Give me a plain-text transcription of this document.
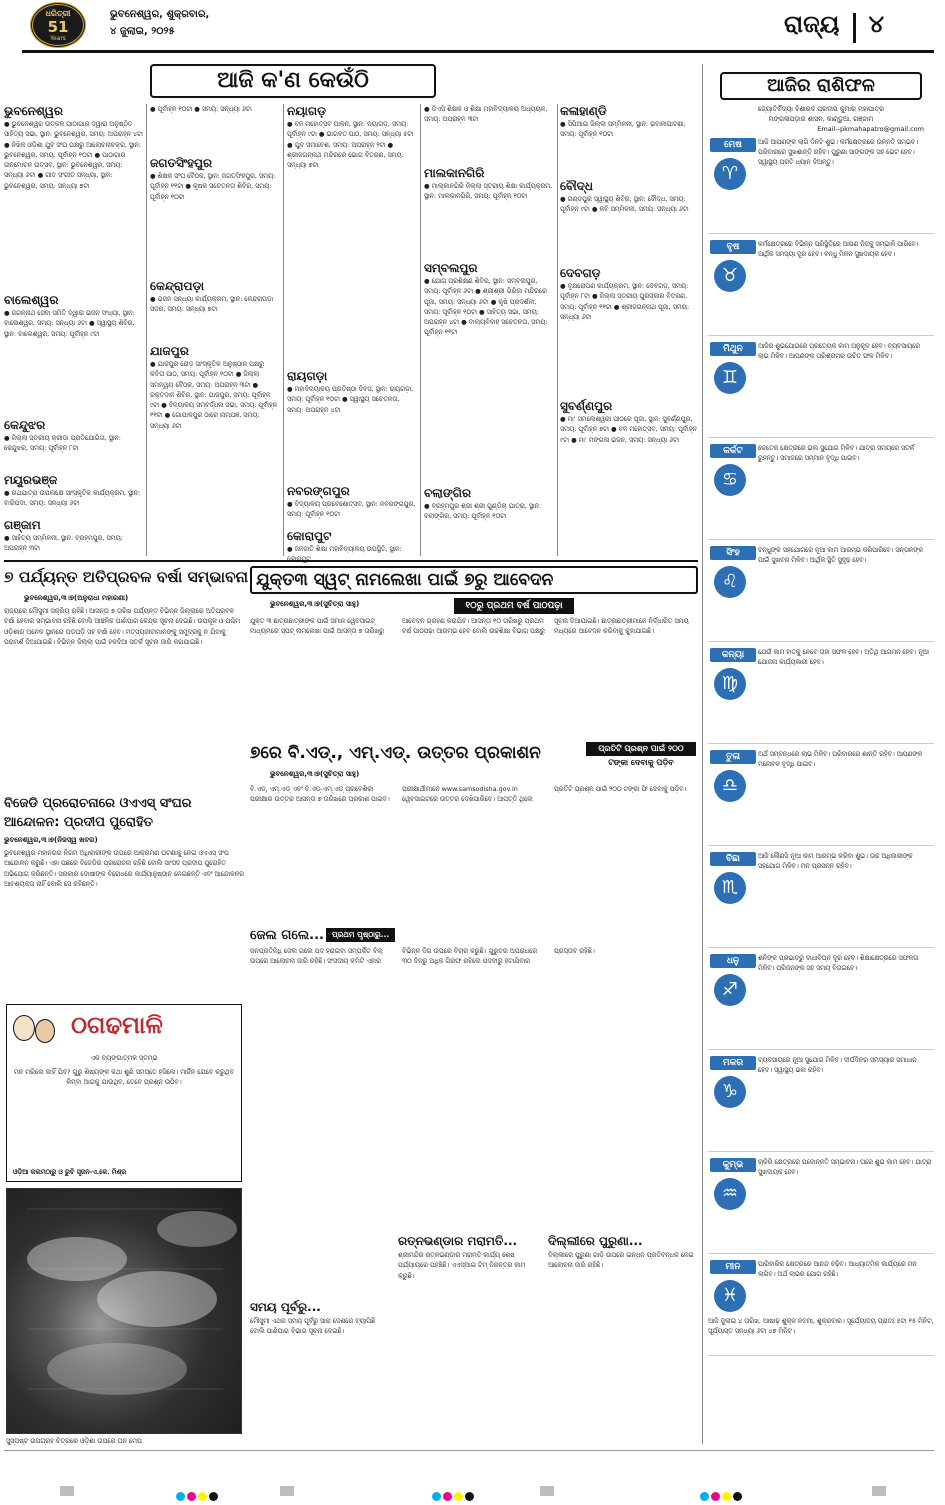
ଧରିତ୍ରୀ
51
Years
ଭୁବନେଶ୍ୱର, ଶୁକ୍ରବାର,
୪ ଜୁଲାଇ, ୨୦୨୫	ରାଜ୍ୟ ୪
ଆଜି କ'ଣ କେଉଁଠି
ଭୁବନେଶ୍ୱର
● ଭୁବନେଶ୍ୱର ଉତ୍କଳ ପାଠାଗାର ଦ୍ୱାରା ଅନୁଷ୍ଠିତ ସାହିତ୍ୟ ସଭା, ସ୍ଥାନ: ଭୁବନେଶ୍ୱର, ସମୟ: ଅପରାହ୍ନ ୪ଟା ● ନିଖିଳ ଓଡ଼ିଶା ଯୁବ ସଂଘ ପକ୍ଷରୁ ଆଲୋଚନାଚକ୍ର, ସ୍ଥାନ: ଭୁବନେଶ୍ୱର, ସମୟ: ପୂର୍ବାହ୍ନ ୧୦ଟା ● ପାଠାଗାର ଉନ୍ମୋଚନ ଉତ୍ସବ, ସ୍ଥାନ: ଭୁବନେଶ୍ୱର, ସମୟ: ସନ୍ଧ୍ୟା ୬ଟା ● ଗୀତ ସଂଗୀତ ସନ୍ଧ୍ୟା, ସ୍ଥାନ: ଭୁବନେଶ୍ୱର, ସମୟ: ସନ୍ଧ୍ୟା ୭ଟା
ବାଲେଶ୍ୱର
● ଜଗନ୍ନାଥ ସେବା ସମିତି ଦ୍ୱାରା ଭଜନ ସଂଧ୍ୟା, ସ୍ଥାନ: ବାଲେଶ୍ୱର, ସମୟ: ସନ୍ଧ୍ୟା ୬ଟା ● ସ୍ୱାସ୍ଥ୍ୟ ଶିବିର, ସ୍ଥାନ: ବାଲେଶ୍ୱର, ସମୟ: ପୂର୍ବାହ୍ନ ୯ଟା
କେନ୍ଦୁଝର
● ଜିଲ୍ଲା ସ୍ତରୀୟ କ୍ରୀଡ଼ା ପ୍ରତିଯୋଗିତା, ସ୍ଥାନ: କେନ୍ଦୁଝର, ସମୟ: ପୂର୍ବାହ୍ନ ୮ଟା
ମୟୂରଭଞ୍ଜ
● ରଥଯାତ୍ରା ଉପଲକ୍ଷେ ସାଂସ୍କୃତିକ କାର୍ଯ୍ୟକ୍ରମ, ସ୍ଥାନ: ବାରିପଦା, ସମୟ: ସନ୍ଧ୍ୟା ୬ଟା
ଗଞ୍ଜାମ
● ସାହିତ୍ୟ ସମ୍ମିଳନୀ, ସ୍ଥାନ: ବ୍ରହ୍ମପୁର, ସମୟ: ଅପରାହ୍ନ ୩ଟା
● ପୂର୍ବାହ୍ନ ୧୦ଟା ● ସମୟ: ସନ୍ଧ୍ୟା ୬ଟା
ଜଗତସିଂହପୁର
● ଶିକ୍ଷକ ସଂଘ ବୈଠକ, ସ୍ଥାନ: ଜଗତସିଂହପୁର, ସମୟ: ପୂର୍ବାହ୍ନ ୧୧ଟା ● କୃଷକ ସଚେତନତା ଶିବିର, ସମୟ: ପୂର୍ବାହ୍ନ ୧୦ଟା
କେନ୍ଦ୍ରାପଡ଼ା
● ଭଜନ ସନ୍ଧ୍ୟା କାର୍ଯ୍ୟକ୍ରମ, ସ୍ଥାନ: କେନ୍ଦ୍ରାପଡ଼ା ସଦର, ସମୟ: ସନ୍ଧ୍ୟା ୭ଟା
ଯାଜପୁର
● ଯାଜପୁର ରୋଡ଼ ସାଂସ୍କୃତିକ ଅନୁଷ୍ଠାନ ପକ୍ଷରୁ କବିତା ପାଠ, ସମୟ: ପୂର୍ବାହ୍ନ ୧୦ଟା ● ଜିଲ୍ଲା ସମନ୍ୱୟ ବୈଠକ, ସମୟ: ଅପରାହ୍ନ ୩ଟା ● ରକ୍ତଦାନ ଶିବିର, ସ୍ଥାନ: ଯାଜପୁର, ସମୟ: ପୂର୍ବାହ୍ନ ୯ଟା ● ବିଦ୍ୟାଳୟ ସମ୍ବର୍ଦ୍ଧନା ସଭା, ସମୟ: ପୂର୍ବାହ୍ନ ୧୧ଟା ● ଗୋପାଳପୁର ଠାରେ ନାମଯଜ୍ଞ, ସମୟ: ସନ୍ଧ୍ୟା ୬ଟା
ନୟାଗଡ଼
● ବନ ମହୋତ୍ସବ ପାଳନ, ସ୍ଥାନ: ନୟାଗଡ଼, ସମୟ: ପୂର୍ବାହ୍ନ ୯ଟା ● ଭାଗବତ ପାଠ, ସମୟ: ସନ୍ଧ୍ୟା ୫ଟା ● ଯୁବ ସମାବେଶ, ସମୟ: ଅପରାହ୍ନ ୨ଟା ● ଶ୍ରୀଜଗନ୍ନାଥ ମନ୍ଦିରରେ ଭୋଗ ବିତରଣ, ସମୟ: ସନ୍ଧ୍ୟା ୭ଟା
ରାୟଗଡ଼ା
● ମହାବିଦ୍ୟାଳୟ ପ୍ରତିଷ୍ଠା ଦିବସ, ସ୍ଥାନ: ରାୟଗଡ଼ା, ସମୟ: ପୂର୍ବାହ୍ନ ୧୦ଟା ● ସ୍ୱାସ୍ଥ୍ୟ ସଚେତନତା, ସମୟ: ଅପରାହ୍ନ ୪ଟା
ନବରଙ୍ଗପୁର
● ବିଦ୍ୟାଳୟ ପ୍ରବେଶୋତ୍ସବ, ସ୍ଥାନ: ନବରଙ୍ଗପୁର, ସମୟ: ପୂର୍ବାହ୍ନ ୧୦ଟା
କୋରାପୁଟ
● ଜନଜାତି ଶିକ୍ଷା ମହାବିଦ୍ୟାଳୟ ଉପସ୍ଥିତି, ସ୍ଥାନ:
● ଡିଏସି ଶିକ୍ଷକ ଓ ଶିକ୍ଷା ମହାବିଦ୍ୟାଳୟ ଅଧ୍ୟୟନ, ସମୟ: ଅପରାହ୍ନ ୩ଟା
ମାଲକାନଗିରି
● ମାଲ୍କାନଗିରି ଜିଲ୍ଲା ସ୍ତରୀୟ ଶିକ୍ଷା କାର୍ଯ୍ୟକ୍ରମ, ସ୍ଥାନ: ମାଲକାନଗିରି, ସମୟ: ପୂର୍ବାହ୍ନ ୧୦ଟା
ସମ୍ବଲପୁର
● ଯୋଗ ପ୍ରଶିକ୍ଷଣ ଶିବିର, ସ୍ଥାନ: ସମ୍ବଲପୁର, ସମୟ: ପୂର୍ବାହ୍ନ ୬ଟା ● ଶ୍ରୀଶ୍ରୀ ଗିରିଜା ମନ୍ଦିରରେ ପୂଜା, ସମୟ: ସନ୍ଧ୍ୟା ୬ଟା ● କୃଷି ପ୍ରଦର୍ଶନୀ, ସମୟ: ପୂର୍ବାହ୍ନ ୧୦ଟା ● ସାହିତ୍ୟ ସଭା, ସମୟ: ଅପରାହ୍ନ ୪ଟା ● ବାଲ୍ୟବିବାହ ସଚେତନତା, ସମୟ: ପୂର୍ବାହ୍ନ ୧୧ଟା
ବଲାଙ୍ଗିର
● ବ୍ରହ୍ମପୁର ଶ୍ରୀ ଶ୍ରୀ ଗୁଣ୍ଡିଚା ଯାତ୍ରା, ସ୍ଥାନ: ବଲାଙ୍ଗିର, ସମୟ: ପୂର୍ବାହ୍ନ ୧୦ଟା
କଳାହାଣ୍ଡି
● ସିପିଆଇ ଜିଲ୍ଲା ସମ୍ମିଳନୀ, ସ୍ଥାନ: ଭବାନୀପାଟଣା, ସମୟ: ପୂର୍ବାହ୍ନ ୧୦ଟା
ବୌଦ୍ଧ
● ଗଣ୍ଡପୁର ସ୍ୱାସ୍ଥ୍ୟ ଶିବିର, ସ୍ଥାନ: ବୌଦ୍ଧ, ସମୟ: ପୂର୍ବାହ୍ନ ୯ଟା ● କବି ସମ୍ମିଳନୀ, ସମୟ: ସନ୍ଧ୍ୟା ୬ଟା
ଦେବଗଡ଼
● ବୃକ୍ଷରୋପଣ କାର୍ଯ୍ୟକ୍ରମ, ସ୍ଥାନ: ଦେବଗଡ଼, ସମୟ: ପୂର୍ବାହ୍ନ ୮ଟା ● ଜିଲ୍ଲା ସ୍ତରୀୟ ପୁରସ୍କାର ବିତରଣ, ସମୟ: ପୂର୍ବାହ୍ନ ୧୧ଟା ● ଶ୍ରୀଜଗନ୍ନାଥ ପୂଜା, ସମୟ: ସନ୍ଧ୍ୟା ୬ଟା
ସୁବର୍ଣ୍ଣପୁର
● ମା' ସମଲେଶ୍ୱରୀ ପୀଠରେ ପୂଜା, ସ୍ଥାନ: ସୁବର୍ଣ୍ଣପୁର, ସମୟ: ପୂର୍ବାହ୍ନ ୭ଟା ● ବନ ମହୋତ୍ସବ, ସମୟ: ପୂର୍ବାହ୍ନ ୯ଟା ● ମା' ମଙ୍ଗଳା ଭଜନ, ସମୟ: ସନ୍ଧ୍ୟା ୬ଟା
ଆଜିର ରାଶିଫଳ
ଜ୍ୟୋତିର୍ବିଦ୍ୟା ବିଶାରଦ ପ୍ରଦୀପ କୁମାର ମହାପାତ୍ର
ମଙ୍ଗଳାପଡ଼ାର ଶାସନ, କାଣ୍ଡୁଆ, ଗଞ୍ଜାମ
Email--pkmahapatro@gmail.com
ମେଷ
♈
ଆଜି ଆପଣଙ୍କ ଲାଗି ଦିନଟି ଶୁଭ। କର୍ମକ୍ଷେତ୍ରରେ ଉନ୍ନତି ସମ୍ଭବ। ପରିବାରରେ ସୁଖଶାନ୍ତି ରହିବ। ପୁରୁଣା ସାଙ୍ଗଙ୍କ ସହ ଭେଟ ହେବ। ସ୍ୱାସ୍ଥ୍ୟ ପ୍ରତି ଧ୍ୟାନ ଦିଅନ୍ତୁ।
ବୃଷ
♉
କର୍ମକ୍ଷେତ୍ରରେ ବିଭିନ୍ନ ପରିସ୍ଥିତିରେ ଆପଣ ନିଜକୁ ସମ୍ଭାଳି ପାରିବେ। ଆର୍ଥିକ ସମସ୍ୟା ଦୂର ହେବ। ବନ୍ଧୁ ମିଳନ ସୁଖଦାୟକ ହେବ।
ମିଥୁନ
♊
ଆଜିର ଶୁଭଯୋଗରେ ପ୍ରତ୍ୟେକ କାମ ଅନୁକୂଳ ହେବ। ବ୍ୟବସାୟରେ ଲାଭ ମିଳିବ। ଆପଣଙ୍କ ପରିଶ୍ରମର ଉଚିତ ଫଳ ମିଳିବ।
କର୍କଟ
♋
କେତେକ କ୍ଷେତ୍ରରେ ଭଲ ସୁଯୋଗ ମିଳିବ। ଯାତ୍ରା ସମୟରେ ସତର୍କ ରୁହନ୍ତୁ। ସମାଜରେ ସମ୍ମାନ ବୃଦ୍ଧି ପାଇବ।
ସିଂହ
♌
ବନ୍ଧୁଙ୍କ ସହଯୋଗରେ ନୂଆ କାମ ଆରମ୍ଭ କରିପାରିବେ। ସନ୍ତାନଙ୍କ ପାଇଁ ସୁଖବର ମିଳିବ। ଆର୍ଥିକ ସ୍ଥିତି ସୁଦୃଢ଼ ହେବ।
କନ୍ୟା
♍
ଯେଉଁ କାମ ହାତକୁ ନେବେ ତାହା ସଫଳ ହେବ। ଅତିଥି ଆଗମନ ହେବ। ନୂଆ ଯୋଜନା କାର୍ଯ୍ୟକାରୀ ହେବ।
ତୁଳା
♎
ଅର୍ଥ ସମ୍ବନ୍ଧରେ ଲାଭ ମିଳିବ। ପରିବାରରେ ଶାନ୍ତି ରହିବ। ଆପଣଙ୍କ ମନୋବଳ ବୃଦ୍ଧି ପାଇବ।
ବିଛା
♏
ଆଜି କୌଣସି ନୂଆ କାମ ଆରମ୍ଭ କରିବା ଶୁଭ। ଉଚ୍ଚ ଅଧିକାରୀଙ୍କ ସହଯୋଗ ମିଳିବ। ମନ ପ୍ରସନ୍ନ ରହିବ।
ଧନୁ
♐
ଶନିଙ୍କ ପ୍ରଭାବରୁ ବାଧାବିଘ୍ନ ଦୂର ହେବ। ଶିକ୍ଷାକ୍ଷେତ୍ରରେ ସଫଳତା ମିଳିବ। ପରିଜନଙ୍କ ସହ ସମୟ ବିତାଇବେ।
ମକର
♑
ବ୍ୟବସାୟରେ ନୂଆ ସୁଯୋଗ ମିଳିବ। ଦୀର୍ଘଦିନର ସମସ୍ୟାର ସମାଧାନ ହେବ। ସ୍ୱାସ୍ଥ୍ୟ ଭଲ ରହିବ।
କୁମ୍ଭ
♒
ଚାକିରି କ୍ଷେତ୍ରରେ ପଦୋନ୍ନତି ସମ୍ଭାବନା। ଘରେ ଶୁଭ କାମ ହେବ। ଯାତ୍ରା ସୁଖଦାୟକ ହେବ।
ମୀନ
♓
ପାରିବାରିକ କ୍ଷେତ୍ରରେ ଆନନ୍ଦ ବଢ଼ିବ। ଆଧ୍ୟାତ୍ମିକ କାର୍ଯ୍ୟରେ ମନ ଲାଗିବ। ଅର୍ଥ ଲାଭର ଯୋଗ ରହିଛି।
ଆଜି ଜୁଲାଇ ୪ ତାରିଖ, ଆଷାଢ଼ ଶୁକ୍ଳ ନବମୀ, ଶୁକ୍ରବାର। ସୂର୍ଯ୍ୟୋଦୟ ପ୍ରାତଃ ୫ଟା ୧୫ ମିନିଟ, ସୂର୍ଯ୍ୟାସ୍ତ ସନ୍ଧ୍ୟା ୬ଟା ୪୭ ମିନିଟ।
୭ ପର୍ଯ୍ୟନ୍ତ ଅତିପ୍ରବଳ ବର୍ଷା ସମ୍ଭାବନା
ଭୁବନେଶ୍ୱର,୩।୭(ଅନୁରାଧା ମହାରଣା)
ରାଜ୍ୟରେ ମୌସୁମୀ ସକ୍ରିୟ ରହିଛି। ଆସନ୍ତା ୭ ତାରିଖ ପର୍ଯ୍ୟନ୍ତ ବିଭିନ୍ନ ଜିଲ୍ଲାରେ ଅତିପ୍ରବଳ ବର୍ଷା ହେବାର ସମ୍ଭାବନା ରହିଛି ବୋଲି ଆଞ୍ଚଳିକ ପାଣିପାଗ କେନ୍ଦ୍ର ସୂଚନା ଦେଇଛି। ଉପକୂଳ ଓ ପଶ୍ଚିମ ଓଡ଼ିଶାର ଅନେକ ସ୍ଥାନରେ ଘଡ଼ଘଡ଼ି ସହ ବର୍ଷା ହେବ। ମତ୍ସ୍ୟଜୀବୀମାନଙ୍କୁ ସମୁଦ୍ରକୁ ନ ଯିବାକୁ ପରାମର୍ଶ ଦିଆଯାଇଛି। ବିଭିନ୍ନ ଜିଲ୍ଲା ପାଇଁ ହଳଦିଆ ସତର୍କ ସୂଚନା ଜାରି କରାଯାଇଛି।
ବିଜେଡି ପ୍ରରୋଚନାରେ ଓଏଏସ୍ ସଂଘର ଆନ୍ଦୋଳନ: ପ୍ରଦୀପ ପୁରୋହିତ
ଭୁବନେଶ୍ୱର,୩।୭(ନିଜସ୍ୱ ଖବର)
ଭୁବନେଶ୍ୱର ମହାନଗର ନିଗମ ଅଧିକାରୀଙ୍କ ଉପରେ ଆକ୍ରମଣ ଘଟଣାକୁ ନେଇ ଓଏଏସ୍ ସଂଘ ଆନ୍ଦୋଳନ କରୁଛି। ଏହା ପଛରେ ବିଜେଡିର ପ୍ରରୋଚନା ରହିଛି ବୋଲି ସାଂସଦ ପ୍ରଦୀପ ପୁରୋହିତ ଅଭିଯୋଗ କରିଛନ୍ତି। ସରକାର ଦୋଷୀଙ୍କ ବିରୋଧରେ କାର୍ଯ୍ୟାନୁଷ୍ଠାନ ନେଇଛନ୍ତି ଏବଂ ଆନ୍ଦୋଳନର ଆବଶ୍ୟକତା ନାହିଁ ବୋଲି ସେ କହିଛନ୍ତି।
ଠଗଢମାଳି
ଏକ ବ୍ୟଙ୍ଗାତ୍ମକ ସ୍ତମ୍ଭ
ମନ ମରିଲେ କାହିଁ ଯିବ? ଗୁରୁ ଶିଷ୍ୟଙ୍କ କଥା ଶୁଣି ସମସ୍ତେ ହସିଲେ। ମାର୍ଜିନ ଯେବେ କରୁଥିବ କିମ୍ବା ଆଗକୁ ଯାଉଥିବ, ତେବେ ପ୍ରଶ୍ନ ଉଠିବ।
ଓଡ଼ିଆ କଲମଠାରୁ ଓ ରୁଚି ସୃଜନ-ଏ.କେ. ମିଶ୍ର
ସୁସ୍ପଷ୍ଟ ଉପଗ୍ରହ ଚିତ୍ରରେ ଓଡ଼ିଶା ଉପରେ ଘନ ମେଘ
ଯୁକ୍ତ୩ ସ୍ୱଟ୍ ନାମଲେଖା ପାଇଁ ୭ରୁ ଆବେଦନ
ଭୁବନେଶ୍ୱର,୩।୭(ସୁଚିତ୍ରା ସାହୁ)	୧୦ରୁ ପ୍ରଥମ ବର୍ଷ ପାଠପଢ଼ା
ଯୁକ୍ତ ୩ ଛାତ୍ରଛାତ୍ରୀଙ୍କ ପାଇଁ ସମାନ ୱେବସାଇଟ୍ ମାଧ୍ୟମରେ ସ୍ପଟ୍ ନାମଲେଖା ପାଇଁ ଆସନ୍ତା ୭ ତାରିଖରୁ ଆବେଦନ ଗ୍ରହଣ କରାଯିବ। ଆସନ୍ତା ୧୦ ତାରିଖରୁ ପ୍ରଥମ ବର୍ଷ ପାଠପଢ଼ା ଆରମ୍ଭ ହେବ ବୋଲି ଉଚ୍ଚଶିକ୍ଷା ବିଭାଗ ପକ୍ଷରୁ ସୂଚନା ଦିଆଯାଇଛି। ଛାତ୍ରଛାତ୍ରୀମାନେ ନିର୍ଦ୍ଧାରିତ ସମୟ ମଧ୍ୟରେ ଆବେଦନ କରିବାକୁ କୁହାଯାଇଛି।
୭ରେ ବି.ଏଡ୍., ଏମ୍.ଏଡ୍. ଉତ୍ତର ପ୍ରକାଶନ	ପ୍ରତିଟି ପ୍ରଶ୍ନ ପାଇଁ ୨୦୦
ଟଙ୍କା ଦେବାକୁ ପଡ଼ିବ
ଭୁବନେଶ୍ୱର,୩।୭(ସୁଚିତ୍ରା ସାହୁ)
ବି.ଏଡ୍, ଏମ୍.ଏଡ୍ ଏବଂ ବି.ଏଡ୍-ଏମ୍.ଏଡ୍ ପ୍ରବେଶିକା ପରୀକ୍ଷାର ଉତ୍ତର ଆସନ୍ତା ୭ ତାରିଖରେ ପ୍ରକାଶ ପାଇବ। ପରୀକ୍ଷାର୍ଥୀମାନେ www.samsodisha.gov.in ୱେବସାଇଟରେ ଉତ୍ତର ଦେଖିପାରିବେ। ଆପତ୍ତି ଥିଲେ ପ୍ରତିଟି ପ୍ରଶ୍ନ ପାଇଁ ୨୦୦ ଟଙ୍କା ଫି ଦେବାକୁ ପଡ଼ିବ।
ଜେଲ ଗଲେ...	ପ୍ରଥମ ପୃଷ୍ଠାରୁ...
ଜନପ୍ରତିନିଧି ଜେଲ ଗଲେ ପଦ ହରାଇବା ସମ୍ପର୍କିତ ବିଲ୍ ଉପରେ ଆଲୋଚନା ଜାରି ରହିଛି। ସଂସଦୀୟ କମିଟି ଏହାର ବିଭିନ୍ନ ଦିଗ ଉପରେ ବିଚାର କରୁଛି। ଗୁରୁତର ଅପରାଧରେ ୩୦ ଦିନରୁ ଅଧିକ ଗିରଫ ରହିଲେ ପଦବୀରୁ ହଟାଯିବାର ପ୍ରସ୍ତାବ ରହିଛି।
ସମୟ ପୂର୍ବରୁ...
ମୌସୁମୀ ଏଥର ସମୟ ପୂର୍ବରୁ ସାରା ଦେଶରେ ବ୍ୟାପିଛି ବୋଲି ପାଣିପାଗ ବିଭାଗ ସୂଚନା ଦେଇଛି।
ରତ୍ନଭଣ୍ଡାର ମରାମତି...
ଶ୍ରୀମନ୍ଦିର ରତ୍ନଭଣ୍ଡାର ମରାମତି କାର୍ଯ୍ୟ ଶେଷ ପର୍ଯ୍ୟାୟରେ ପହଞ୍ଚିଛି। ଏଏସ୍ଆଇ ଟିମ୍ ନିରନ୍ତର କାମ କରୁଛି।
ଦିଲ୍ଲୀରେ ପୁରୁଣା...
ଦିଲ୍ଲୀରେ ପୁରୁଣା ଗାଡ଼ି ଉପରେ ଇନ୍ଧନ ପ୍ରତିବନ୍ଧକ ନେଇ ଆଲୋଚନା ଜାରି ରହିଛି।
